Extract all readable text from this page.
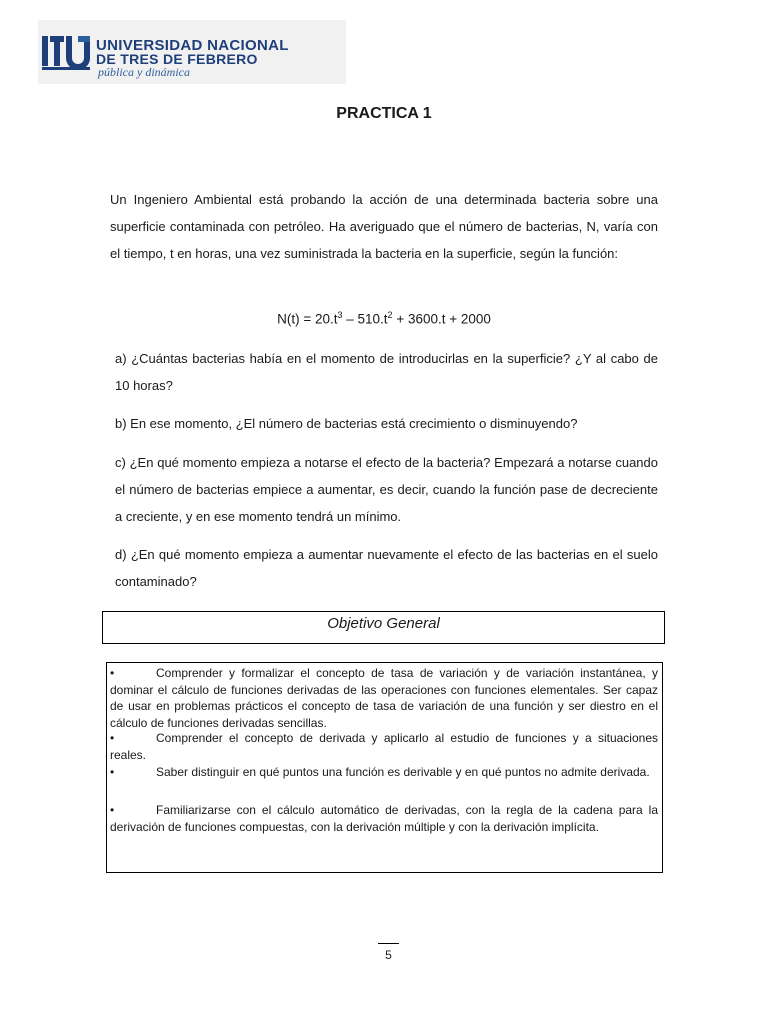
UNIVERSIDAD NACIONAL
DE TRES DE FEBRERO
pública y dinámica
PRACTICA 1
Un Ingeniero Ambiental está probando la acción de una determinada bacteria sobre una superficie contaminada con petróleo. Ha averiguado que el número de bacterias, N, varía con el tiempo, t en horas, una vez suministrada la bacteria en la superficie, según la función:
$N(t) = 20.t^3 - 510.t^2 + 3600.t + 2000$
a) ¿Cuántas bacterias había en el momento de introducirlas en la superficie? ¿Y al cabo de 10 horas?
b) En ese momento, ¿El número de bacterias está crecimiento o disminuyendo?
c) ¿En qué momento empieza a notarse el efecto de la bacteria? Empezará a notarse cuando el número de bacterias empiece a aumentar, es decir, cuando la función pase de decreciente a creciente, y en ese momento tendrá un mínimo.
d) ¿En qué momento empieza a aumentar nuevamente el efecto de las bacterias en el suelo contaminado?
Objetivo General
•	Comprender y formalizar el concepto de tasa de variación y de variación instantánea, y dominar el cálculo de funciones derivadas de las operaciones con funciones elementales. Ser capaz de usar en problemas prácticos el concepto de tasa de variación de una función y ser diestro en el cálculo de funciones derivadas sencillas.
•	Comprender el concepto de derivada y aplicarlo al estudio de funciones y a situaciones reales.
•	Saber distinguir en qué puntos una función es derivable y en qué puntos no admite derivada.
•	Familiarizarse con el cálculo automático de derivadas, con la regla de la cadena para la derivación de funciones compuestas, con la derivación múltiple y con la derivación implícita.
5
